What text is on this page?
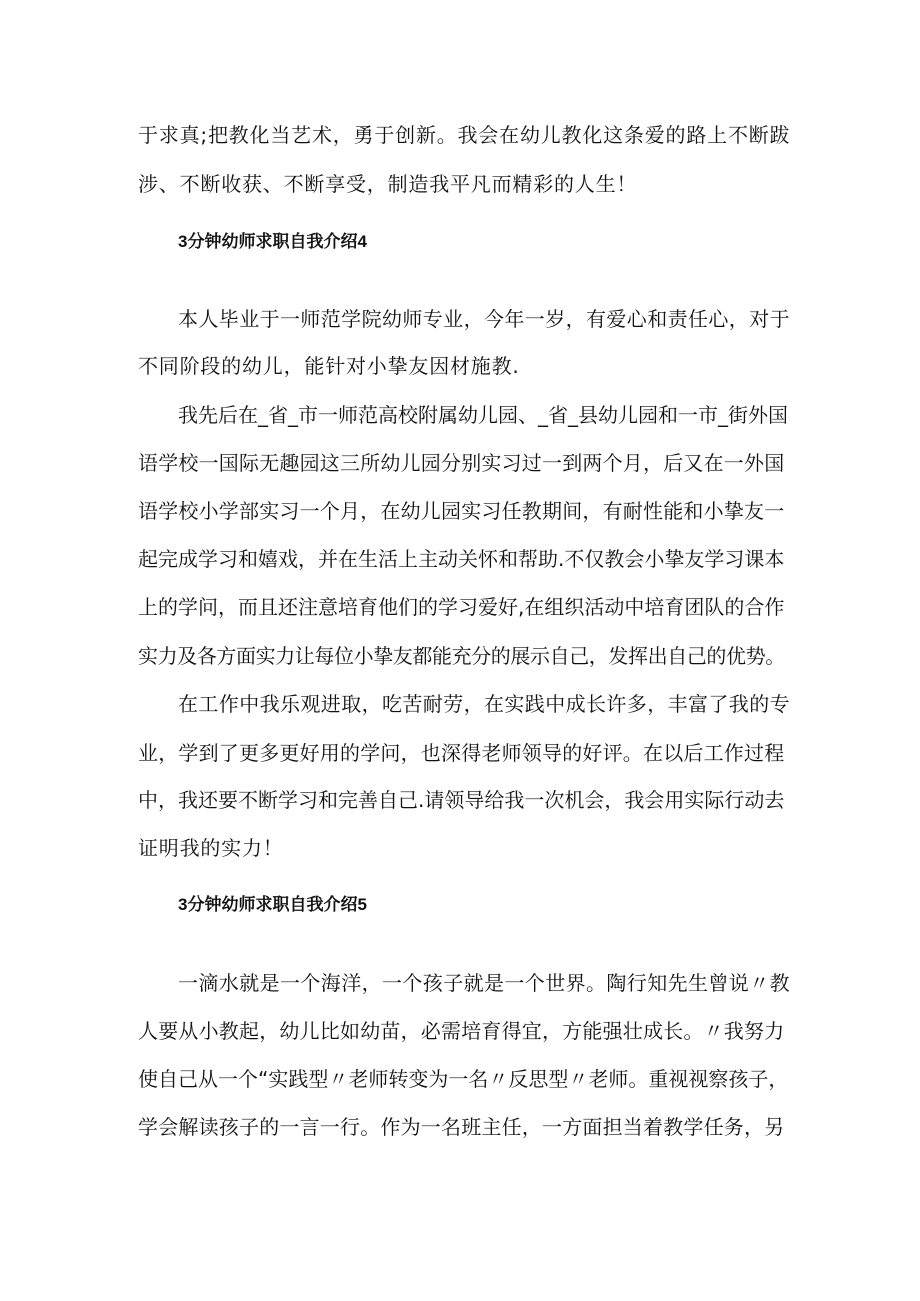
于求真;把教化当艺术，勇于创新。我会在幼儿教化这条爱的路上不断跋

涉、不断收获、不断享受，制造我平凡而精彩的人生！

3分钟幼师求职自我介绍4

本人毕业于一师范学院幼师专业，今年一岁，有爱心和责任心，对于

不同阶段的幼儿，能针对小挚友因材施教.

我先后在_省_市一师范高校附属幼儿园、_省_县幼儿园和一市_街外国

语学校一国际无趣园这三所幼儿园分别实习过一到两个月，后又在一外国

语学校小学部实习一个月，在幼儿园实习任教期间，有耐性能和小挚友一

起完成学习和嬉戏，并在生活上主动关怀和帮助.不仅教会小挚友学习课本

上的学问，而且还注意培育他们的学习爱好,在组织活动中培育团队的合作

实力及各方面实力让每位小挚友都能充分的展示自己，发挥出自己的优势。

在工作中我乐观进取，吃苦耐劳，在实践中成长许多，丰富了我的专

业，学到了更多更好用的学问，也深得老师领导的好评。在以后工作过程

中，我还要不断学习和完善自己.请领导给我一次机会，我会用实际行动去

证明我的实力！

3分钟幼师求职自我介绍5

一滴水就是一个海洋，一个孩子就是一个世界。陶行知先生曾说〃教

人要从小教起，幼儿比如幼苗，必需培育得宜，方能强壮成长。〃我努力

使自己从一个“实践型〃老师转变为一名〃反思型〃老师。重视视察孩子，

学会解读孩子的一言一行。作为一名班主任，一方面担当着教学任务，另
